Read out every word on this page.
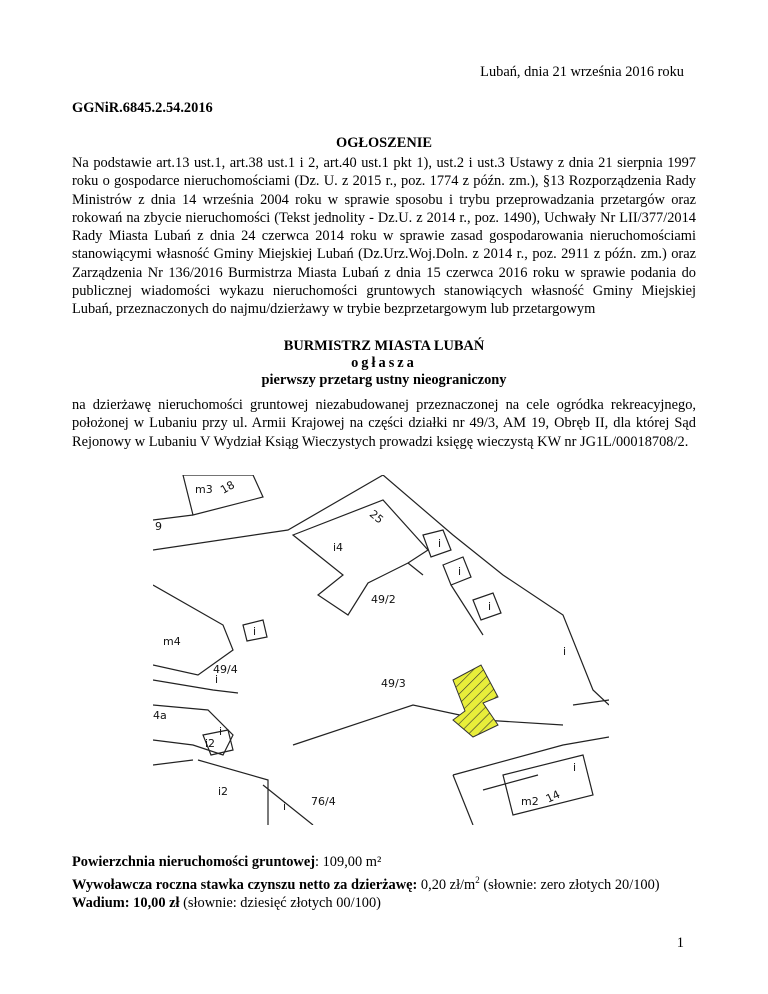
Lubań, dnia 21 września 2016 roku
GGNiR.6845.2.54.2016
OGŁOSZENIE
Na podstawie art.13 ust.1, art.38 ust.1 i 2, art.40 ust.1 pkt 1), ust.2 i ust.3 Ustawy z dnia 21 sierpnia 1997 roku o gospodarce nieruchomościami (Dz. U. z 2015 r., poz. 1774 z późn. zm.), §13 Rozporządzenia Rady Ministrów z dnia 14 września 2004 roku w sprawie sposobu i trybu przeprowadzania przetargów oraz rokowań na zbycie nieruchomości (Tekst jednolity - Dz.U. z 2014 r., poz. 1490), Uchwały Nr LII/377/2014 Rady Miasta Lubań z dnia 24 czerwca 2014 roku w sprawie zasad gospodarowania nieruchomościami stanowiącymi własność Gminy Miejskiej Lubań (Dz.Urz.Woj.Doln. z 2014 r., poz. 2911 z późn. zm.) oraz Zarządzenia Nr 136/2016 Burmistrza Miasta Lubań z dnia 15 czerwca 2016 roku w sprawie podania do publicznej wiadomości wykazu nieruchomości gruntowych stanowiących własność Gminy Miejskiej Lubań, przeznaczonych do najmu/dzierżawy w trybie bezprzetargowym lub przetargowym
BURMISTRZ MIASTA LUBAŃ
ogłasza
pierwszy przetarg ustny nieograniczony
na dzierżawę nieruchomości gruntowej niezabudowanej przeznaczonej na cele ogródka rekreacyjnego, położonej w Lubaniu przy ul. Armii Krajowej na części działki nr 49/3, AM 19, Obręb II, dla której Sąd Rejonowy w Lubaniu V Wydział Ksiąg Wieczystych prowadzi księgę wieczystą KW nr JG1L/00018708/2.
m3 18
9
25
i4
49/2
m4
49/3
49/4
4a
i2
i2
76/4	m2 14
i
i
i
i
i
i
i
i
i
Powierzchnia nieruchomości gruntowej: 109,00 m²
Wywoławcza roczna stawka czynszu netto za dzierżawę: 0,20 $zł/m^2$ (słownie: zero złotych 20/100)
Wadium: 10,00 zł (słownie: dziesięć złotych 00/100)
1
